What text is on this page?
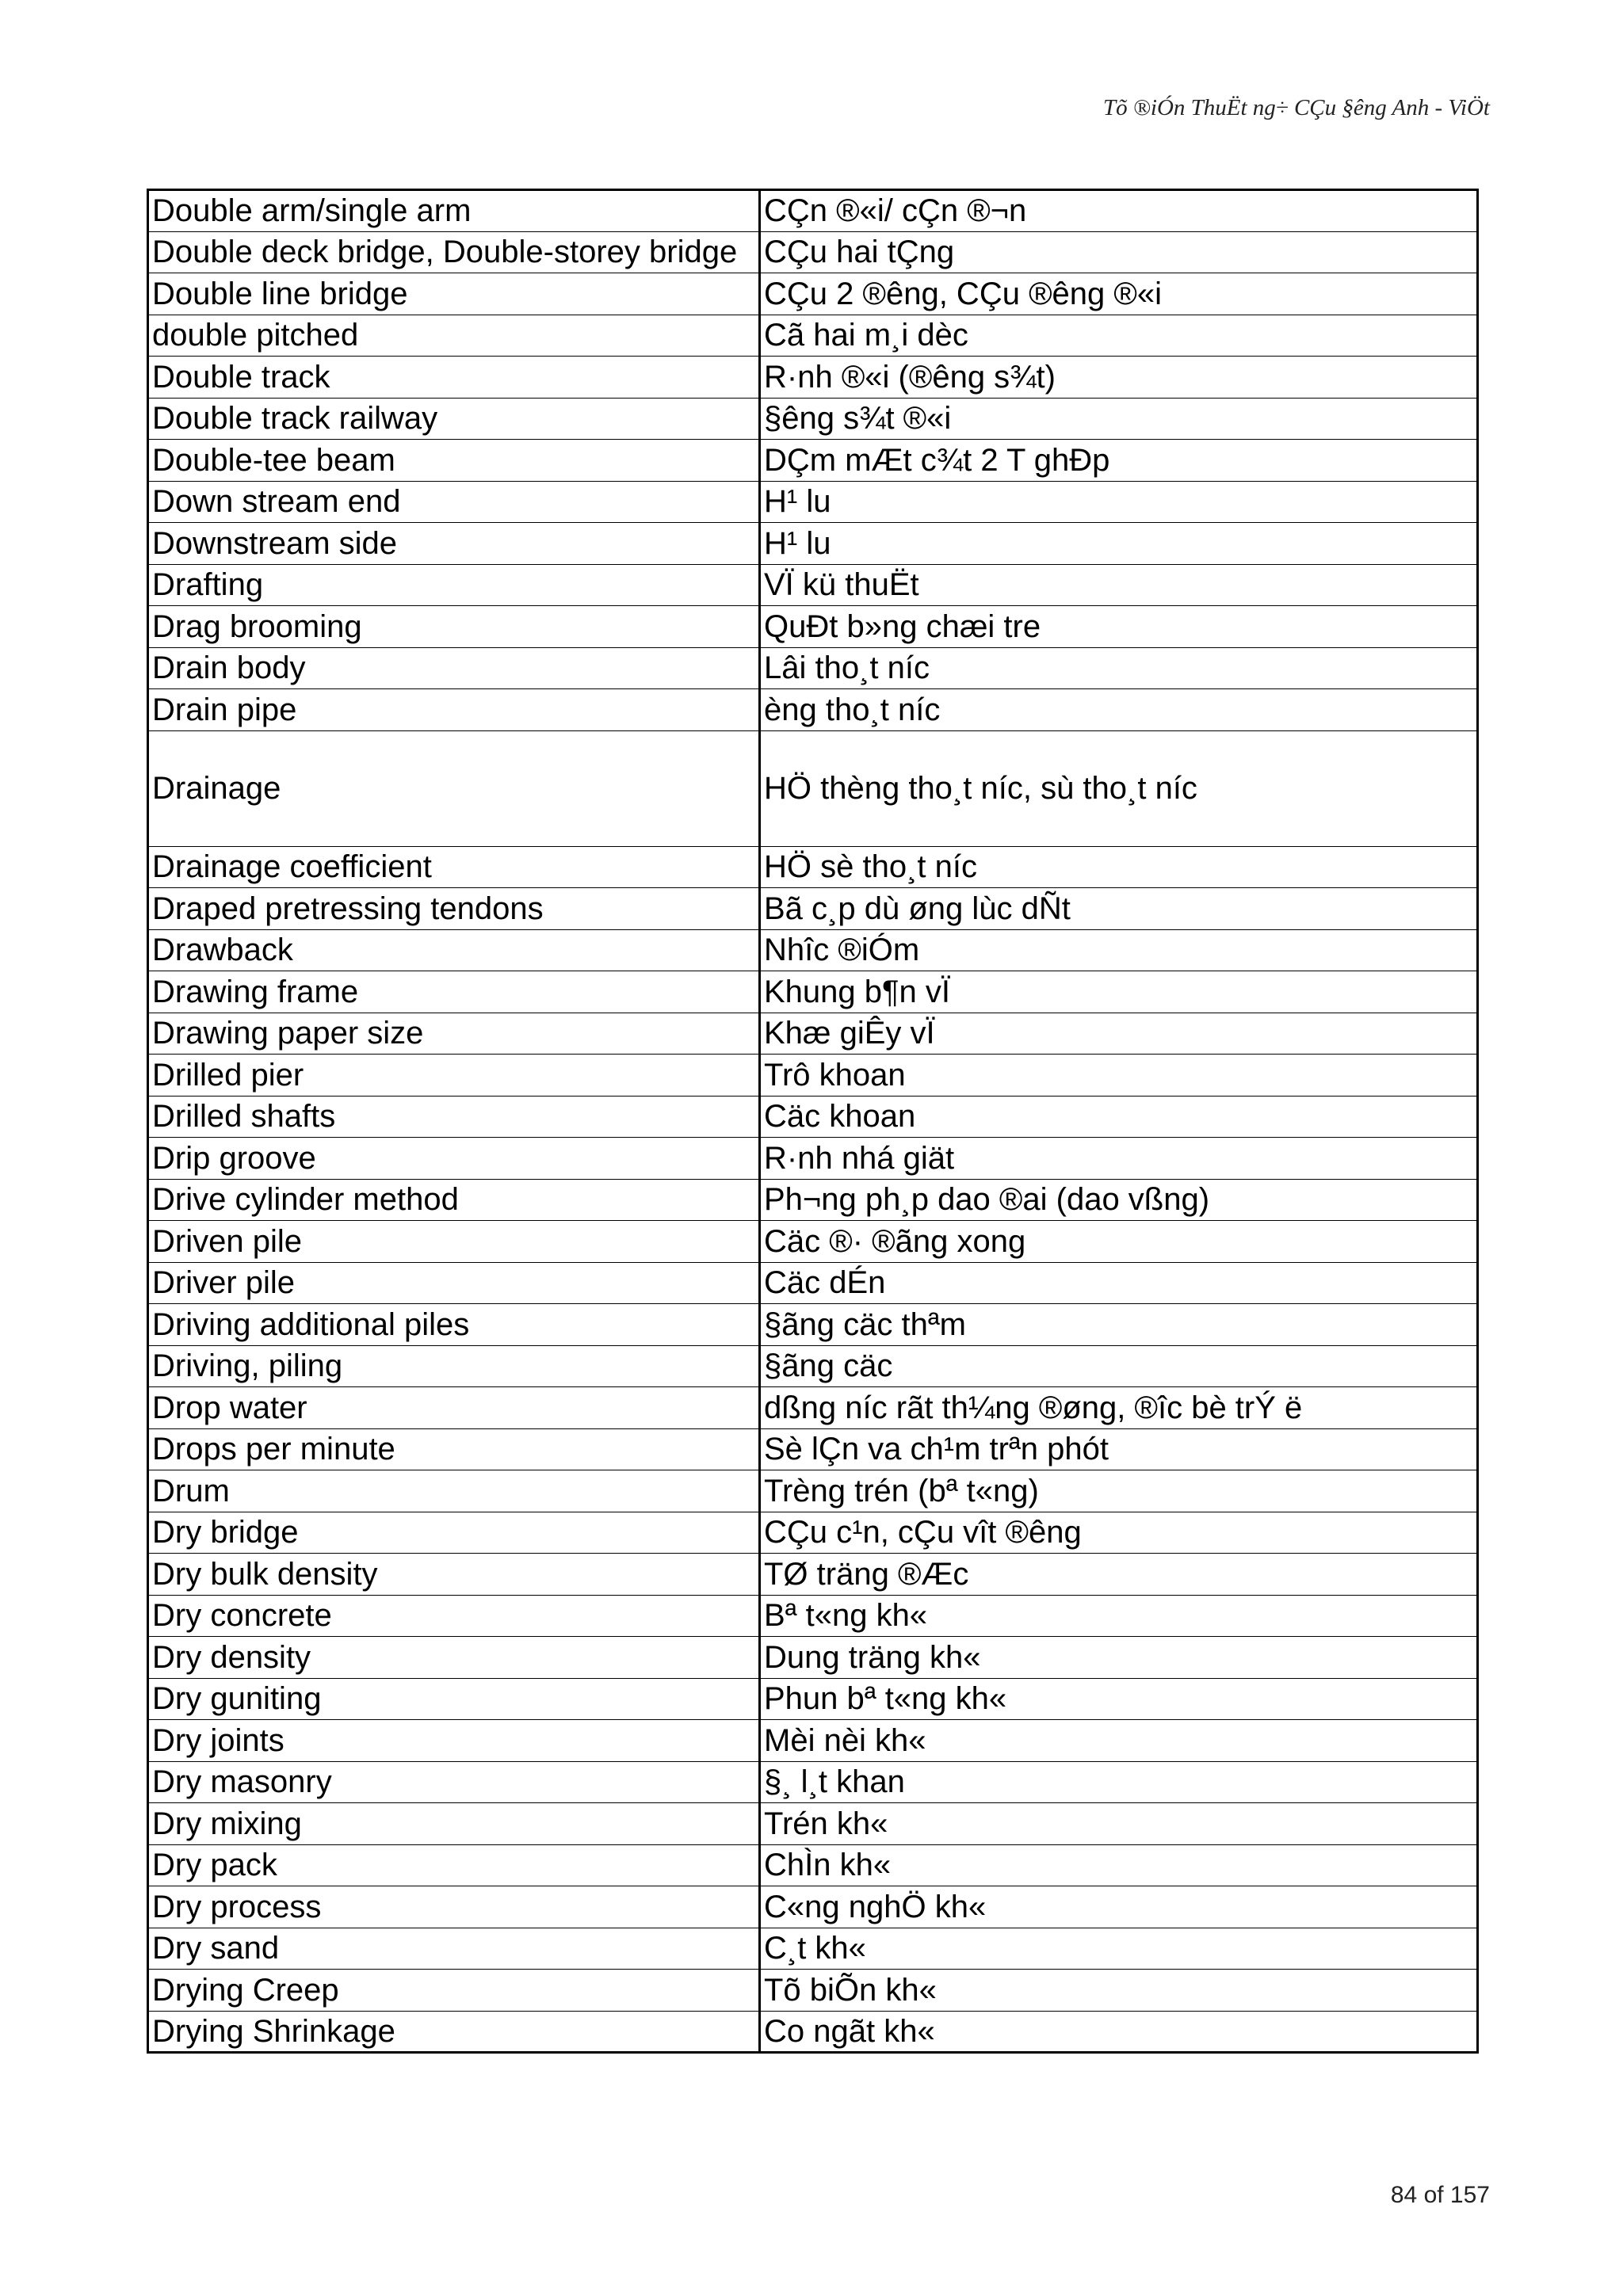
Tõ ®iÓn ThuËt ng÷ CÇu §êng Anh - ViÖt
Double arm/single arm	CÇn ®«i/ cÇn ®¬n
Double deck bridge, Double-storey bridge	CÇu hai tÇng
Double line bridge	CÇu 2 ®êng, CÇu ®êng ®«i
double pitched	Cã hai m¸i dèc
Double track	R·nh ®«i (®êng s¾t)
Double track railway	§êng s¾t ®«i
Double-tee beam	DÇm mÆt c¾t 2 T ghÐp
Down stream end	H¹ lu
Downstream side	H¹ lu
Drafting	VÏ kü thuËt
Drag brooming	QuÐt b»ng chæi tre
Drain body	Lâi tho¸t níc
Drain pipe	èng tho¸t níc
Drainage	HÖ thèng tho¸t níc, sù tho¸t níc
Drainage coefficient	HÖ sè tho¸t níc
Draped pretressing tendons	Bã c¸p dù øng lùc dÑt
Drawback	Nhîc ®iÓm
Drawing frame	Khung b¶n vÏ
Drawing paper size	Khæ giÊy vÏ
Drilled pier	Trô khoan
Drilled shafts	Cäc khoan
Drip groove	R·nh nhá giät
Drive cylinder method	Ph¬ng ph¸p dao ®ai (dao vßng)
Driven pile	Cäc ®· ®ãng xong
Driver pile	Cäc dÉn
Driving additional piles	§ãng cäc thªm
Driving, piling	§ãng cäc
Drop water	dßng níc rãt th¼ng ®øng, ®îc bè trÝ ë
Drops per minute	Sè lÇn va ch¹m trªn phót
Drum	Trèng trén (bª t«ng)
Dry bridge	CÇu c¹n, cÇu vît ®êng
Dry bulk density	TØ träng ®Æc
Dry concrete	Bª t«ng kh«
Dry density	Dung träng kh«
Dry guniting	Phun bª t«ng kh«
Dry joints	Mèi nèi kh«
Dry masonry	§¸ l¸t khan
Dry mixing	Trén kh«
Dry pack	ChÌn kh«
Dry process	C«ng nghÖ kh«
Dry sand	C¸t kh«
Drying Creep	Tõ biÕn kh«
Drying Shrinkage	Co ngãt kh«
84 of 157
